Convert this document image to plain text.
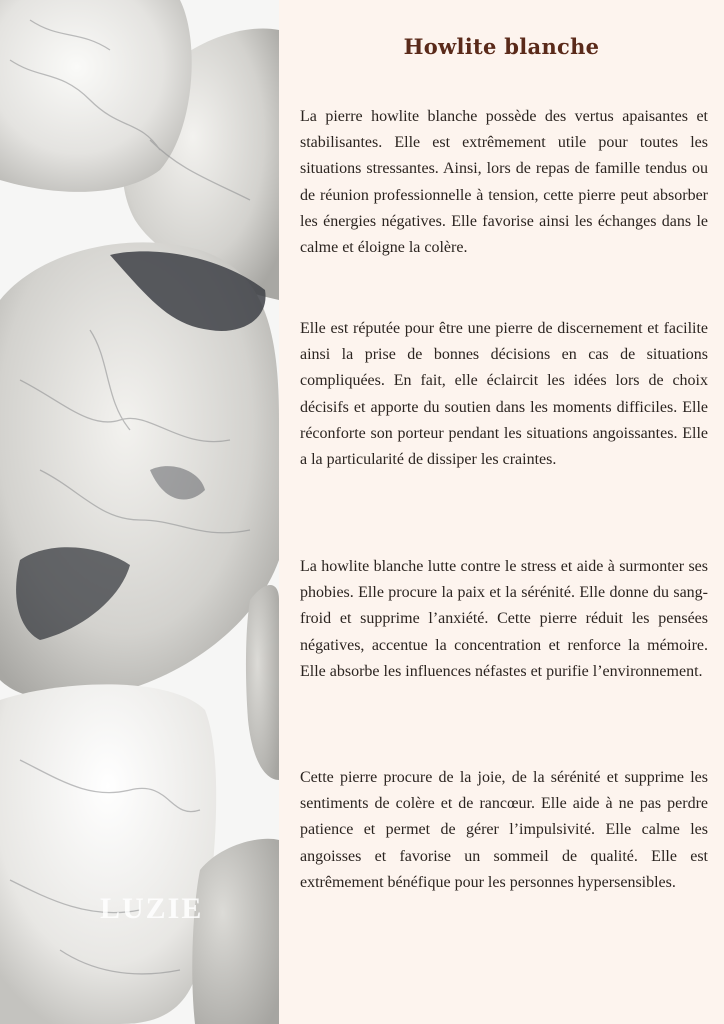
LUZIE
Howlite blanche

La pierre howlite blanche possède des vertus apaisantes et stabilisantes. Elle est extrêmement utile pour toutes les situations stressantes. Ainsi, lors de repas de famille tendus ou de réunion professionnelle à tension, cette pierre peut absorber les énergies négatives. Elle favorise ainsi les échanges dans le calme et éloigne la colère.

Elle est réputée pour être une pierre de discernement et facilite ainsi la prise de bonnes décisions en cas de situations compliquées. En fait, elle éclaircit les idées lors de choix décisifs et apporte du soutien dans les moments difficiles. Elle réconforte son porteur pendant les situations angoissantes. Elle a la particularité de dissiper les craintes.

La howlite blanche lutte contre le stress et aide à surmonter ses phobies. Elle procure la paix et la sérénité. Elle donne du sang-froid et supprime l’anxiété. Cette pierre réduit les pensées négatives, accentue la concentration et renforce la mémoire. Elle absorbe les influences néfastes et purifie l’environnement.

Cette pierre procure de la joie, de la sérénité et supprime les sentiments de colère et de rancœur. Elle aide à ne pas perdre patience et permet de gérer l’impulsivité. Elle calme les angoisses et favorise un sommeil de qualité. Elle est extrêmement bénéfique pour les personnes hypersensibles.
